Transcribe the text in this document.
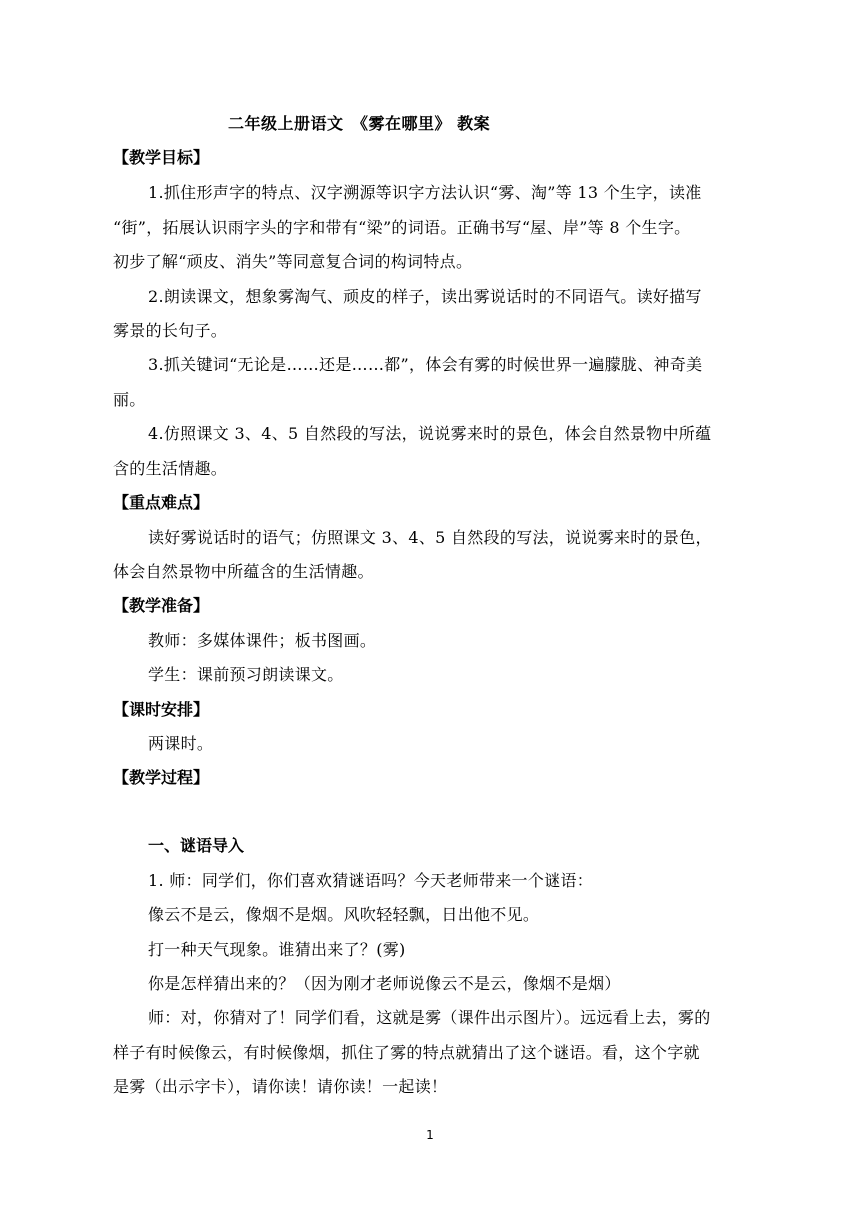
二年级上册语文　《雾在哪里》 教案
【教学目标】
1.抓住形声字的特点、汉字溯源等识字方法认识“雾、淘”等 13 个生字，读准
“街”，拓展认识雨字头的字和带有“梁”的词语。正确书写“屋、岸”等 8 个生字。
初步了解“顽皮、消失”等同意复合词的构词特点。
2.朗读课文，想象雾淘气、顽皮的样子，读出雾说话时的不同语气。读好描写
雾景的长句子。
3.抓关键词“无论是……还是……都”，体会有雾的时候世界一遍朦胧、神奇美
丽。
4.仿照课文 3、4、5 自然段的写法，说说雾来时的景色，体会自然景物中所蕴
含的生活情趣。
【重点难点】
读好雾说话时的语气；仿照课文 3、4、5 自然段的写法，说说雾来时的景色，
体会自然景物中所蕴含的生活情趣。
【教学准备】
教师：多媒体课件；板书图画。
学生：课前预习朗读课文。
【课时安排】
两课时。
【教学过程】
一、谜语导入
1. 师：同学们，你们喜欢猜谜语吗？今天老师带来一个谜语：
像云不是云，像烟不是烟。风吹轻轻飘，日出他不见。
打一种天气现象。谁猜出来了？(雾)
你是怎样猜出来的？（因为刚才老师说像云不是云，像烟不是烟）
师：对，你猜对了！同学们看，这就是雾（课件出示图片）。远远看上去，雾的
样子有时候像云，有时候像烟，抓住了雾的特点就猜出了这个谜语。看，这个字就
是雾（出示字卡），请你读！请你读！一起读！
1
